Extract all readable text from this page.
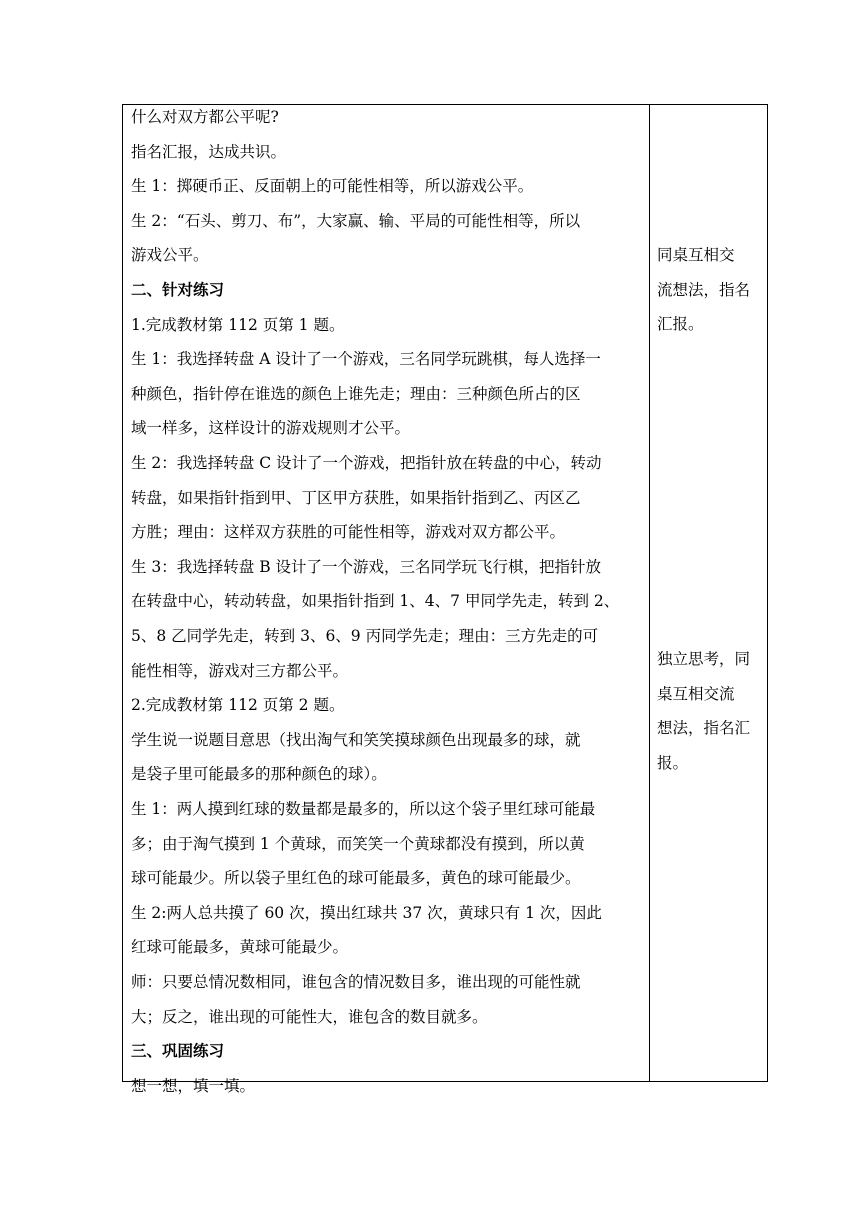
什么对双方都公平呢?
指名汇报，达成共识。
生 1：掷硬币正、反面朝上的可能性相等，所以游戏公平。
生 2：“石头、剪刀、布”，大家赢、输、平局的可能性相等，所以
游戏公平。
二、针对练习
1.完成教材第 112 页第 1 题。
生 1：我选择转盘 A 设计了一个游戏，三名同学玩跳棋，每人选择一
种颜色，指针停在谁选的颜色上谁先走；理由：三种颜色所占的区
域一样多，这样设计的游戏规则才公平。
生 2：我选择转盘 C 设计了一个游戏，把指针放在转盘的中心，转动
转盘，如果指针指到甲、丁区甲方获胜，如果指针指到乙、丙区乙
方胜；理由：这样双方获胜的可能性相等，游戏对双方都公平。
生 3：我选择转盘 B 设计了一个游戏，三名同学玩飞行棋，把指针放
在转盘中心，转动转盘，如果指针指到 1、4、7 甲同学先走，转到 2、
5、8 乙同学先走，转到 3、6、9 丙同学先走；理由：三方先走的可
能性相等，游戏对三方都公平。
2.完成教材第 112 页第 2 题。
学生说一说题目意思（找出淘气和笑笑摸球颜色出现最多的球，就
是袋子里可能最多的那种颜色的球）。
生 1：两人摸到红球的数量都是最多的，所以这个袋子里红球可能最
多；由于淘气摸到 1 个黄球，而笑笑一个黄球都没有摸到，所以黄
球可能最少。所以袋子里红色的球可能最多，黄色的球可能最少。
生 2:两人总共摸了 60 次，摸出红球共 37 次，黄球只有 1 次，因此
红球可能最多，黄球可能最少。
师：只要总情况数相同，谁包含的情况数目多，谁出现的可能性就
大；反之，谁出现的可能性大，谁包含的数目就多。
三、巩固练习
想一想，填一填。
同桌互相交
流想法，指名
汇报。
独立思考，同
桌互相交流
想法，指名汇
报。
